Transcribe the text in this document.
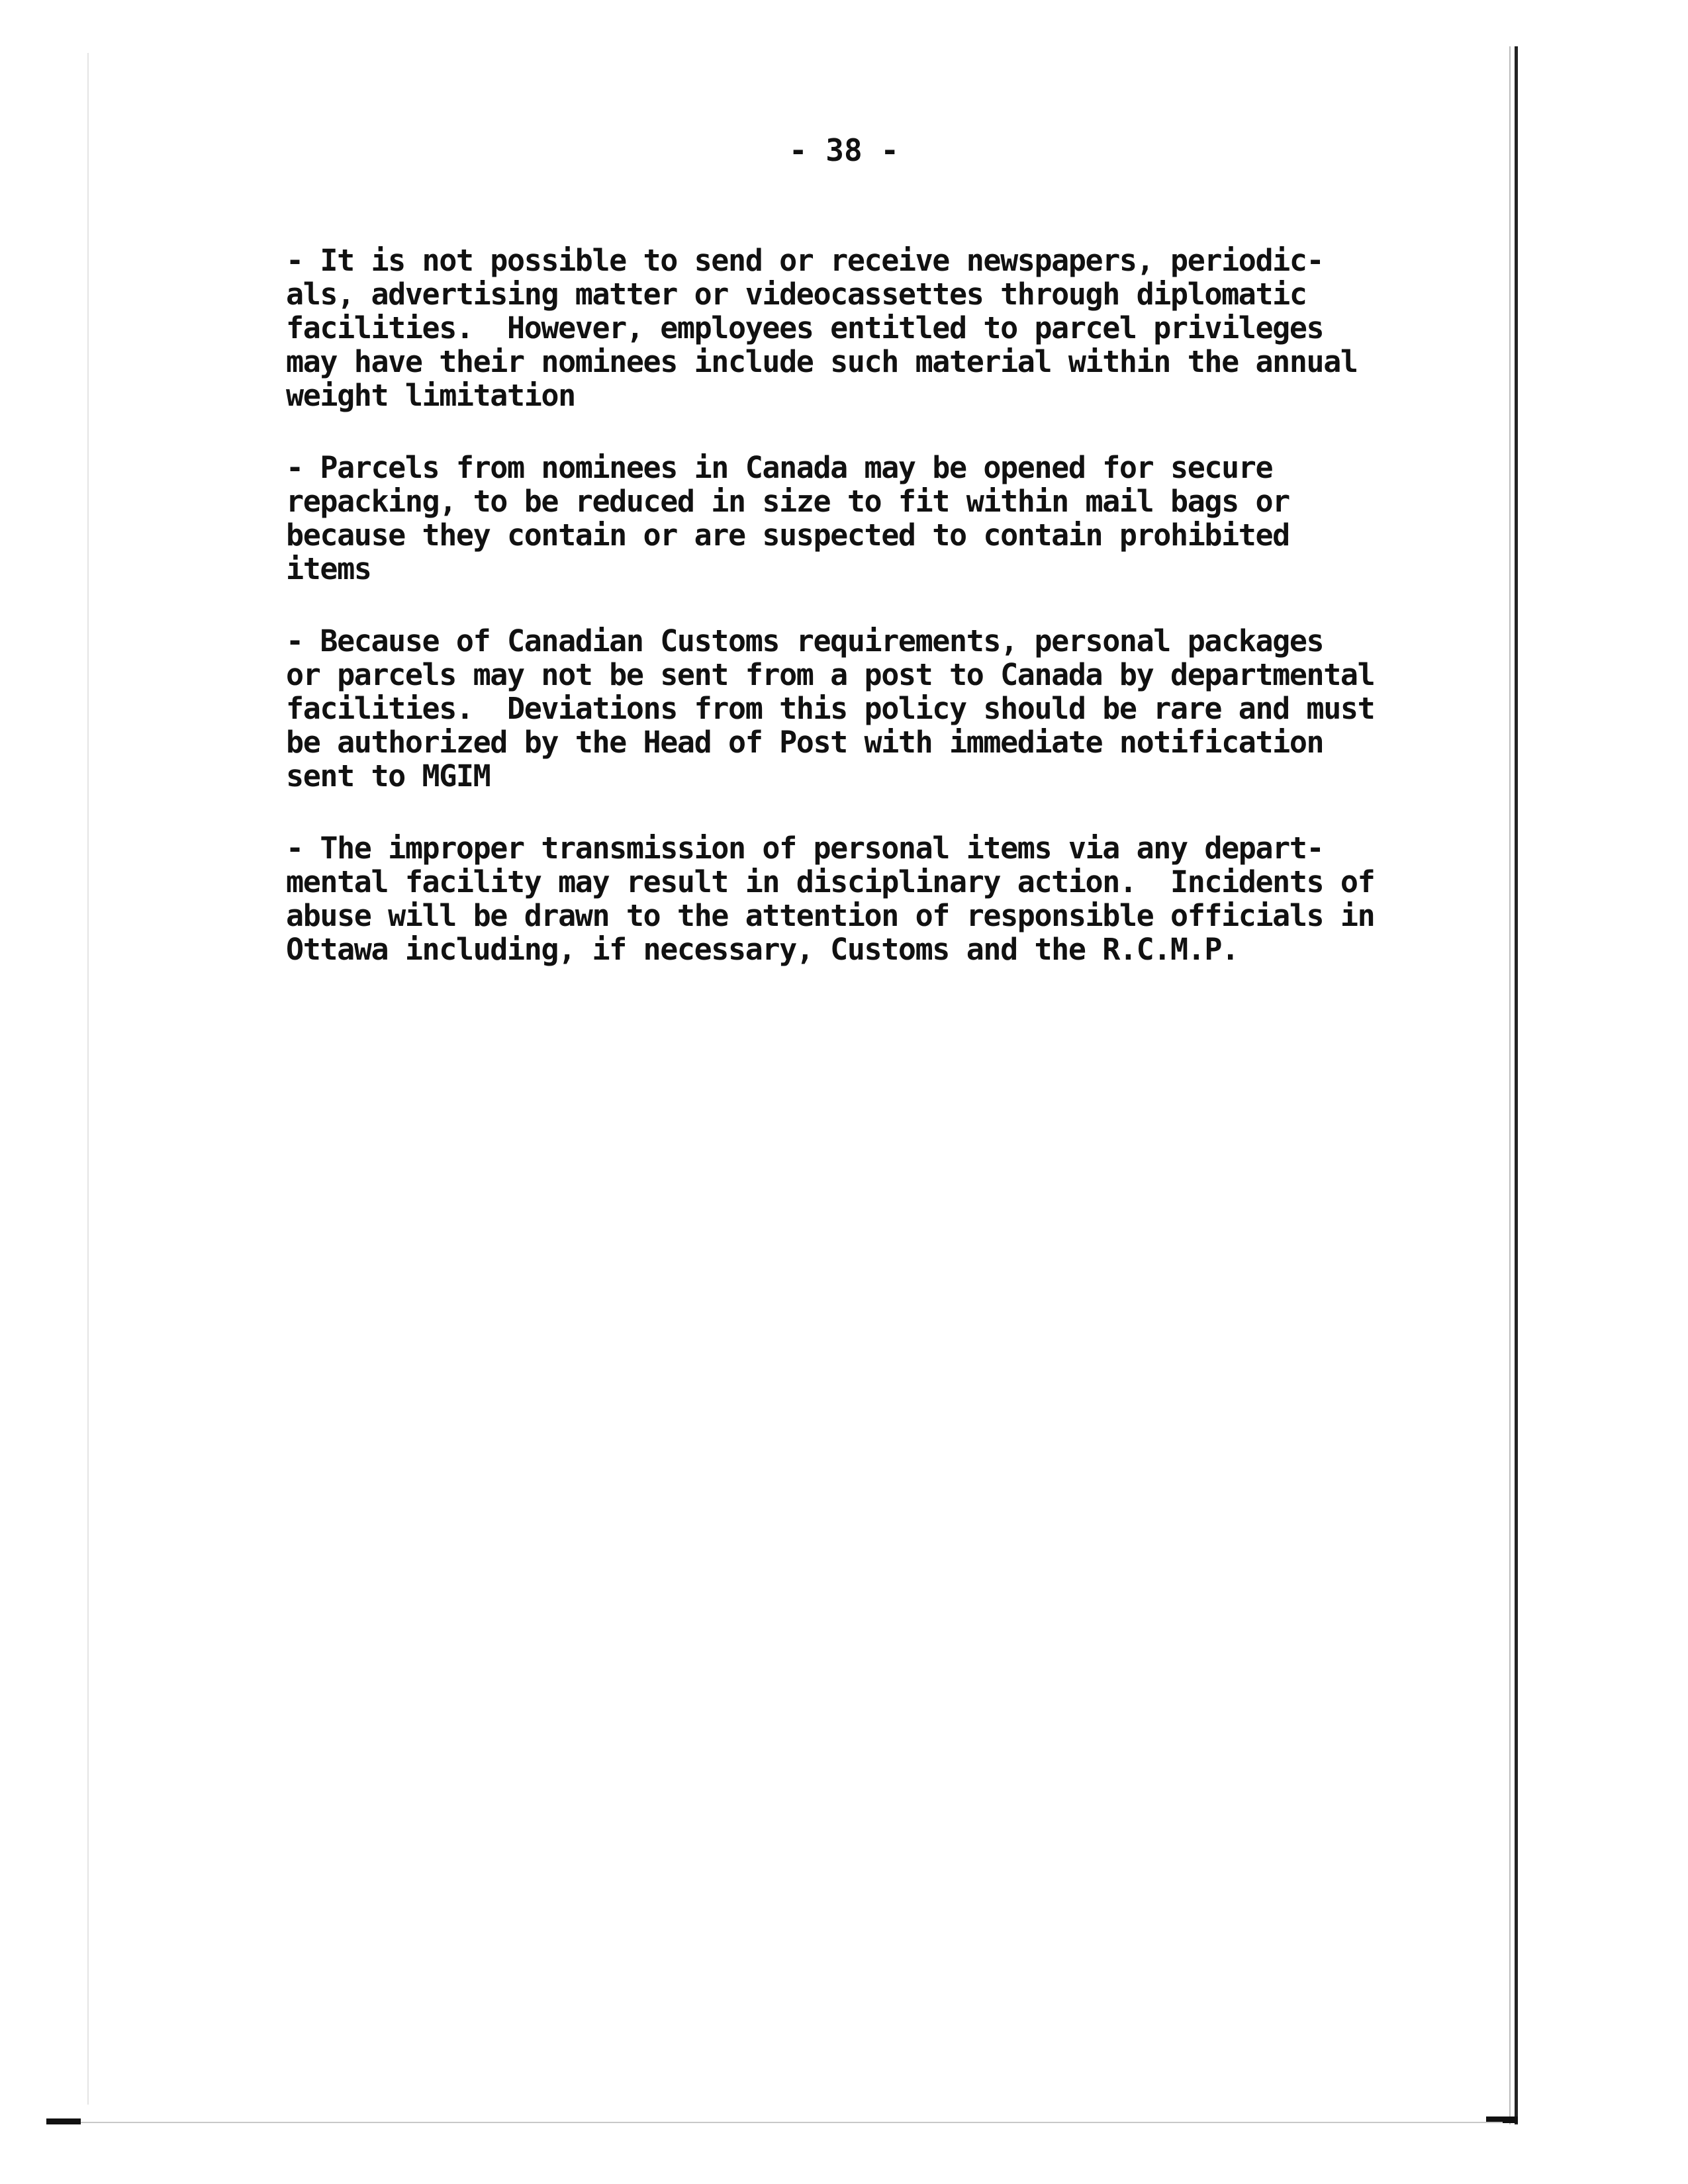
- 38 -
- It is not possible to send or receive newspapers, periodic-
als, advertising matter or videocassettes through diplomatic
facilities.  However, employees entitled to parcel privileges
may have their nominees include such material within the annual
weight limitation
- Parcels from nominees in Canada may be opened for secure
repacking, to be reduced in size to fit within mail bags or
because they contain or are suspected to contain prohibited
items
- Because of Canadian Customs requirements, personal packages
or parcels may not be sent from a post to Canada by departmental
facilities.  Deviations from this policy should be rare and must
be authorized by the Head of Post with immediate notification
sent to MGIM
- The improper transmission of personal items via any depart-
mental facility may result in disciplinary action.  Incidents of
abuse will be drawn to the attention of responsible officials in
Ottawa including, if necessary, Customs and the R.C.M.P.
